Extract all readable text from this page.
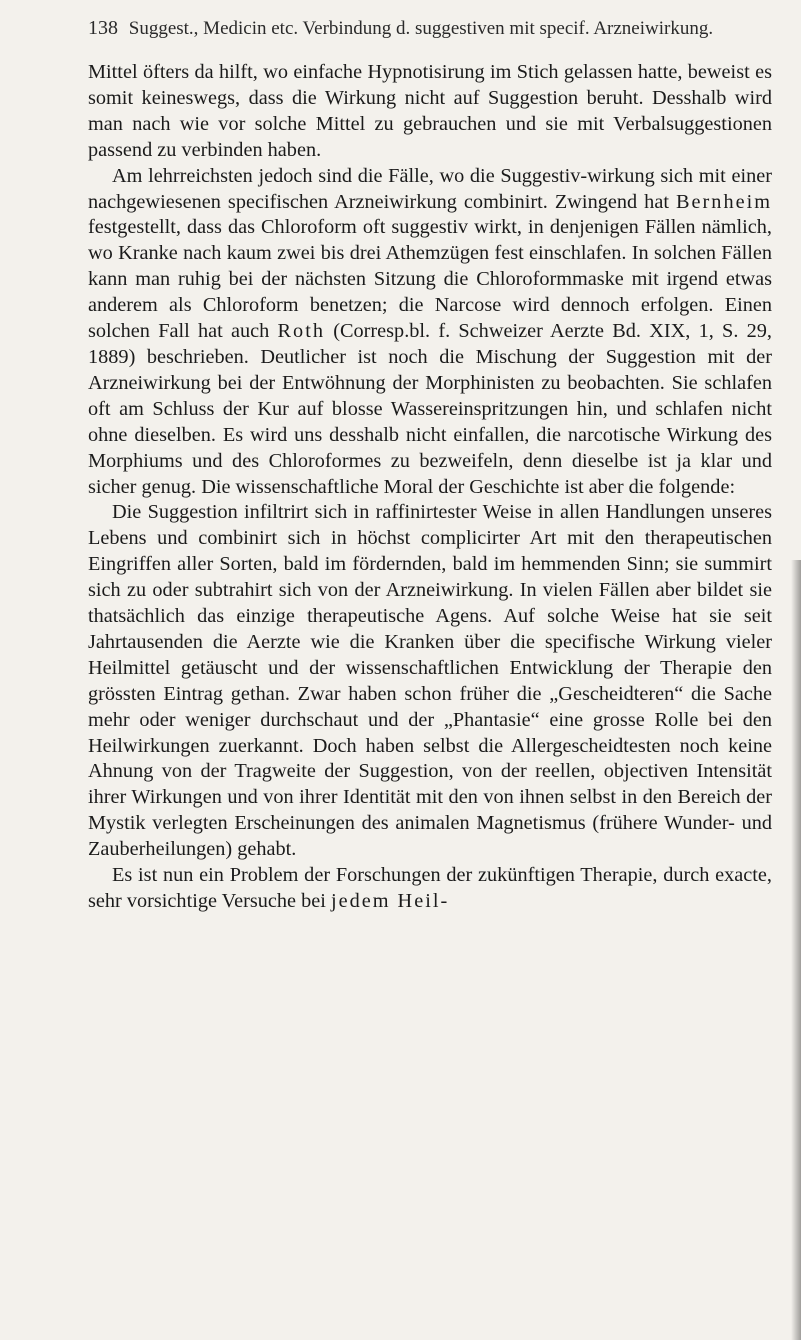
138 Suggest., Medicin etc. Verbindung d. suggestiven mit specif. Arzneiwirkung.

Mittel öfters da hilft, wo einfache Hypnotisirung im Stich gelassen hatte, beweist es somit keineswegs, dass die Wirkung nicht auf Suggestion beruht. Desshalb wird man nach wie vor solche Mittel zu gebrauchen und sie mit Verbalsuggestionen passend zu verbinden haben.

Am lehrreichsten jedoch sind die Fälle, wo die Suggestiv-wirkung sich mit einer nachgewiesenen specifischen Arzneiwirkung combinirt. Zwingend hat Bernheim festgestellt, dass das Chloroform oft suggestiv wirkt, in denjenigen Fällen nämlich, wo Kranke nach kaum zwei bis drei Athemzügen fest einschlafen. In solchen Fällen kann man ruhig bei der nächsten Sitzung die Chloroformmaske mit irgend etwas anderem als Chloroform benetzen; die Narcose wird dennoch erfolgen. Einen solchen Fall hat auch Roth (Corresp.bl. f. Schweizer Aerzte Bd. XIX, 1, S. 29, 1889) beschrieben. Deutlicher ist noch die Mischung der Suggestion mit der Arzneiwirkung bei der Entwöhnung der Morphinisten zu beobachten. Sie schlafen oft am Schluss der Kur auf blosse Wassereinspritzungen hin, und schlafen nicht ohne dieselben. Es wird uns desshalb nicht einfallen, die narcotische Wirkung des Morphiums und des Chloroformes zu bezweifeln, denn dieselbe ist ja klar und sicher genug. Die wissenschaftliche Moral der Geschichte ist aber die folgende:

Die Suggestion infiltrirt sich in raffinirtester Weise in allen Handlungen unseres Lebens und combinirt sich in höchst complicirter Art mit den therapeutischen Eingriffen aller Sorten, bald im fördernden, bald im hemmenden Sinn; sie summirt sich zu oder subtrahirt sich von der Arzneiwirkung. In vielen Fällen aber bildet sie thatsächlich das einzige therapeutische Agens. Auf solche Weise hat sie seit Jahrtausenden die Aerzte wie die Kranken über die specifische Wirkung vieler Heilmittel getäuscht und der wissenschaftlichen Entwicklung der Therapie den grössten Eintrag gethan. Zwar haben schon früher die „Gescheidteren“ die Sache mehr oder weniger durchschaut und der „Phantasie“ eine grosse Rolle bei den Heilwirkungen zuerkannt. Doch haben selbst die Allergescheidtesten noch keine Ahnung von der Tragweite der Suggestion, von der reellen, objectiven Intensität ihrer Wirkungen und von ihrer Identität mit den von ihnen selbst in den Bereich der Mystik verlegten Erscheinungen des animalen Magnetismus (frühere Wunder- und Zauberheilungen) gehabt.

Es ist nun ein Problem der Forschungen der zukünftigen Therapie, durch exacte, sehr vorsichtige Versuche bei jedem Heil-
